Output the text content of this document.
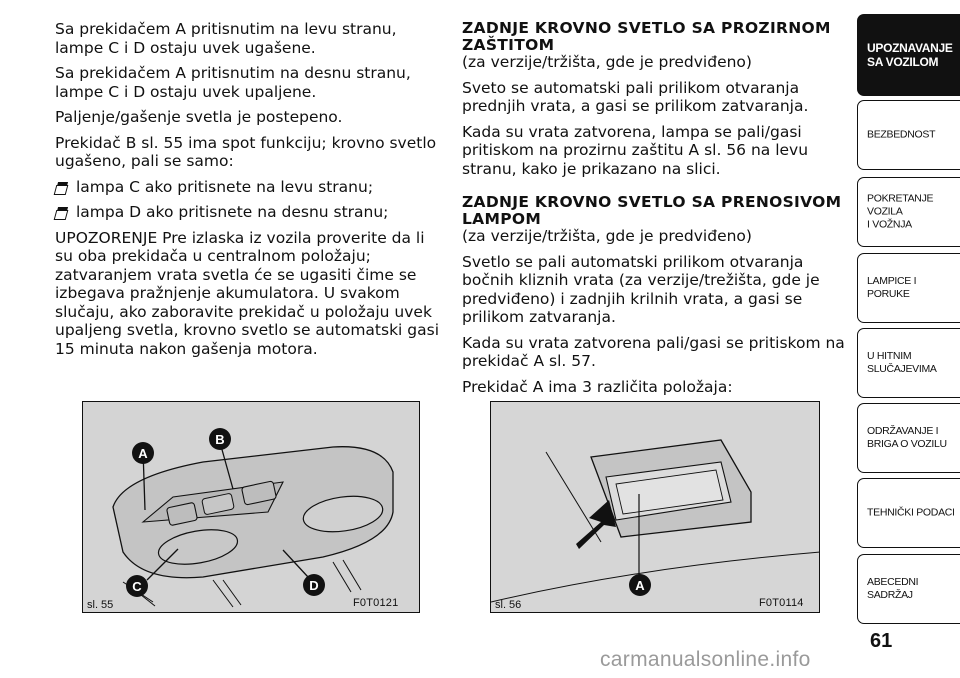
Sa prekidačem A pritisnutim na levu stranu, lampe C i D ostaju uvek ugašene.

Sa prekidačem A pritisnutim na desnu stranu, lampe C i D ostaju uvek upaljene.

Paljenje/gašenje svetla je postepeno.

Prekidač B sl. 55 ima spot funkciju; krovno svetlo ugašeno, pali se samo:

lampa C ako pritisnete na levu stranu;
lampa D ako pritisnete na desnu stranu;

UPOZORENJE Pre izlaska iz vozila proverite da li su oba prekidača u centralnom položaju; zatvaranjem vrata svetla će se ugasiti čime se izbegava pražnjenje akumulatora. U svakom slučaju, ako zaboravite prekidač u položaju uvek upaljeng svetla, krovno svetlo se automatski gasi 15 minuta nakon gašenja motora.

ZADNJE KROVNO SVETLO SA PROZIRNOM ZAŠTITOM

(za verzije/tržišta, gde je predviđeno)

Sveto se automatski pali prilikom otvaranja prednjih vrata, a gasi se prilikom zatvaranja.

Kada su vrata zatvorena, lampa se pali/gasi pritiskom na prozirnu zaštitu A sl. 56 na levu stranu, kako je prikazano na slici.

ZADNJE KROVNO SVETLO SA PRENOSIVOM LAMPOM

(za verzije/tržišta, gde je predviđeno)

Svetlo se pali automatski prilikom otvaranja bočnih kliznih vrata (za verzije/trežišta, gde je predviđeno) i zadnjih krilnih vrata, a gasi se prilikom zatvaranja.

Kada su vrata zatvorena pali/gasi se pritiskom na prekidač A sl. 57.

Prekidač A ima 3 različita položaja:

A
B
C	D
sl. 55	F0T0121
A
sl. 56	F0T0114
UPOZNAVANJE
SA VOZILOM
BEZBEDNOST
POKRETANJE VOZILA
I VOŽNJA
LAMPICE I PORUKE
U HITNIM
SLUČAJEVIMA
ODRŽAVANJE I
BRIGA O VOZILU
TEHNIČKI PODACI
ABECEDNI SADRŽAJ
61
carmanualsonline.info
